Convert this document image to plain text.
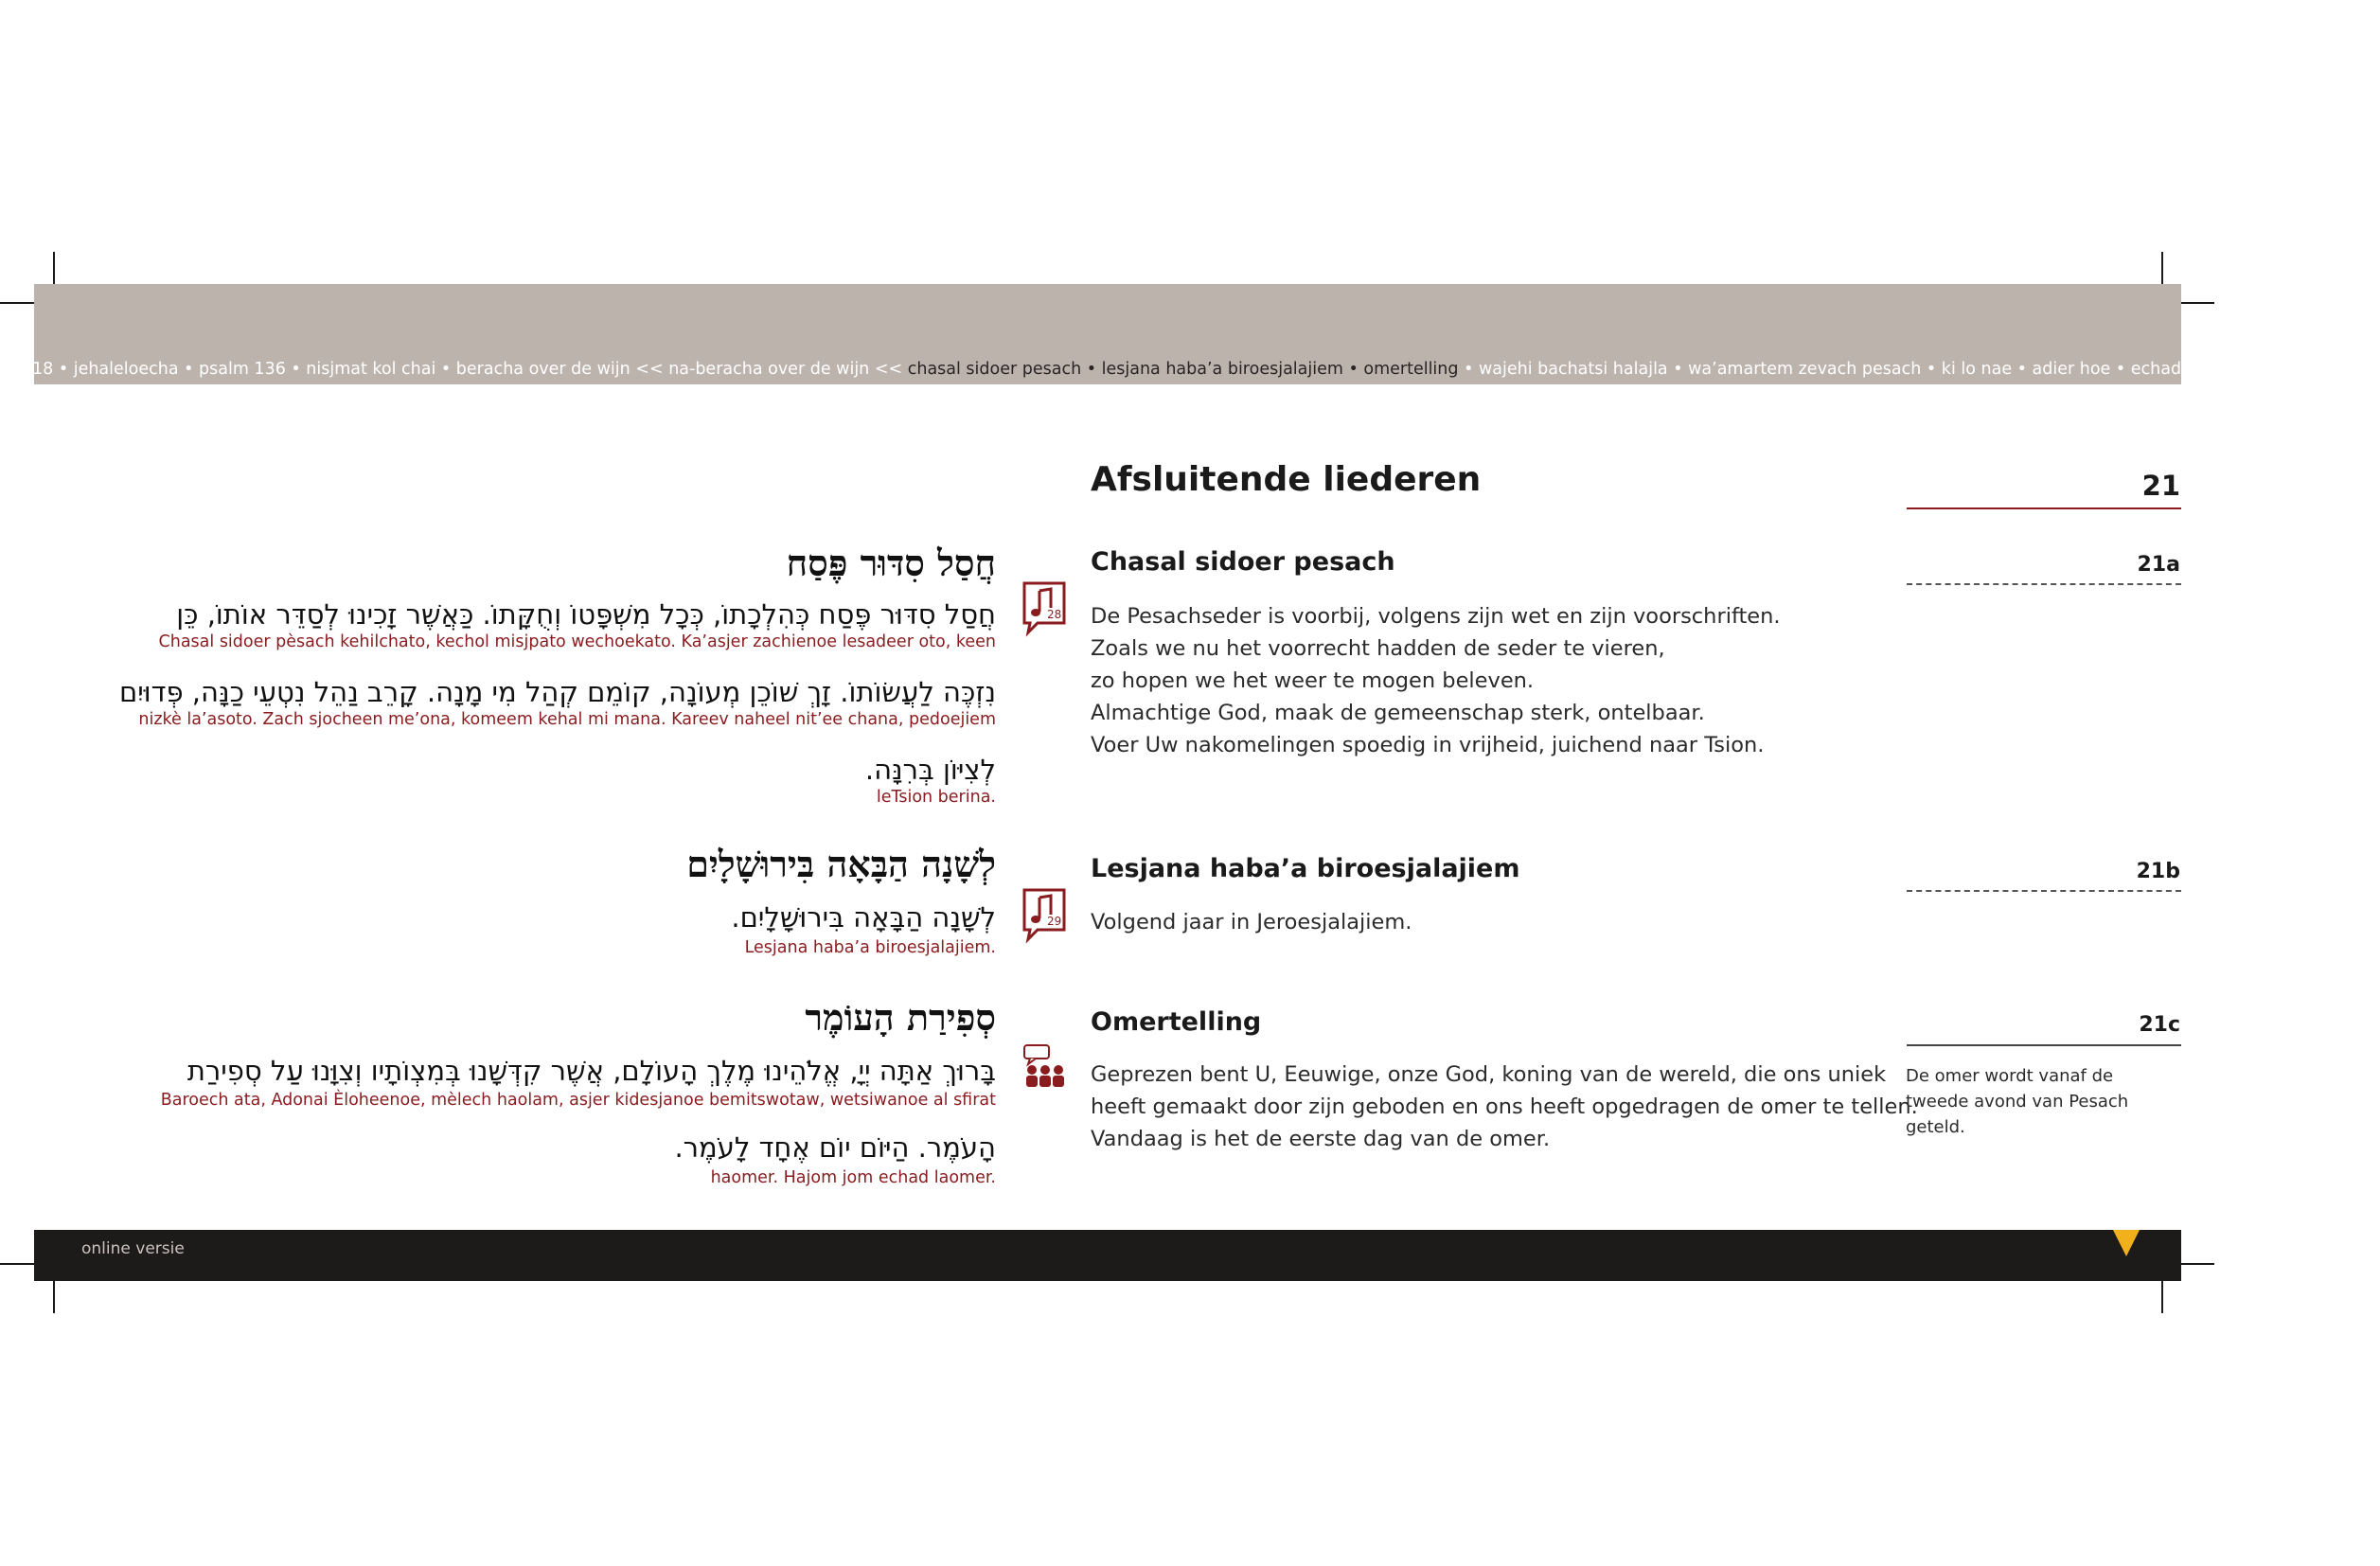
18 • jehaleloecha • psalm 136 • nisjmat kol chai • beracha over de wijn << na-beracha over de wijn << chasal sidoer pesach • lesjana haba’a biroesjalajiem • omertelling • wajehi bachatsi halajla • wa’amartem zevach pesach • ki lo nae • adier hoe • echad mi jodeea • chad gadja
Afsluitende liederen	21
Chasal sidoer pesach	21a
28 De Pesachseder is voorbij, volgens zijn wet en zijn voorschriften.
Zoals we nu het voorrecht hadden de seder te vieren,
zo hopen we het weer te mogen beleven.
Almachtige God, maak de gemeenschap sterk, ontelbaar.
Voer Uw nakomelingen spoedig in vrijheid, juichend naar Tsion.
חֲסַל סִדּוּר פֶּסַח
חֲסַל סִדּוּר פֶּסַח כְּהִלְכָתוֹ, כְּכָל מִשְׁפָּטוֹ וְחֻקָּתוֹ. כַּאֲשֶׁר זָכִינוּ לְסַדֵּר אוֹתוֹ, כֵּן
Chasal sidoer pèsach kehilchato, kechol misjpato wechoekato. Ka’asjer zachienoe lesadeer oto, keen
נִזְכֶּה לַעֲשׂוֹתוֹ. זָךְ שׁוֹכֵן מְעוֹנָה, קוֹמֵם קְהַל מִי מָנָה. קָרֵב נַהֵל נִטְעֵי כַנָּה, פְּדוּיִם
nizkè la’asoto. Zach sjocheen me’ona, komeem kehal mi mana. Kareev naheel nit’ee chana, pedoejiem
לְצִיּוֹן בְּרִנָּה.
leTsion berina.
Lesjana haba’a biroesjalajiem	21b
29 Volgend jaar in Jeroesjalajiem.
לְשָׁנָה הַבָּאָה בִּירוּשָׁלָיִם
לְשָׁנָה הַבָּאָה בִּירוּשָׁלָיִם.
Lesjana haba’a biroesjalajiem.
Omertelling	21c
Geprezen bent U, Eeuwige, onze God, koning van de wereld, die ons uniek
heeft gemaakt door zijn geboden en ons heeft opgedragen de omer te tellen.
Vandaag is het de eerste dag van de omer.
De omer wordt vanaf de tweede avond van Pesach geteld.
סְפִירַת הָעוֹמֶר
בָּרוּךְ אַתָּה יְיָ, אֱלֹהֵינוּ מֶלֶךְ הָעוֹלָם, אֲשֶׁר קִדְּשָׁנוּ בְּמִצְוֹתָיו וְצִוָּנוּ עַל סְפִירַת
Baroech ata, Adonai Èloheenoe, mèlech haolam, asjer kidesjanoe bemitswotaw, wetsiwanoe al sfirat
הָעֹמֶר. הַיּוֹם יוֹם אֶחָד לָעֹמֶר.
haomer. Hajom jom echad laomer.
online versie
